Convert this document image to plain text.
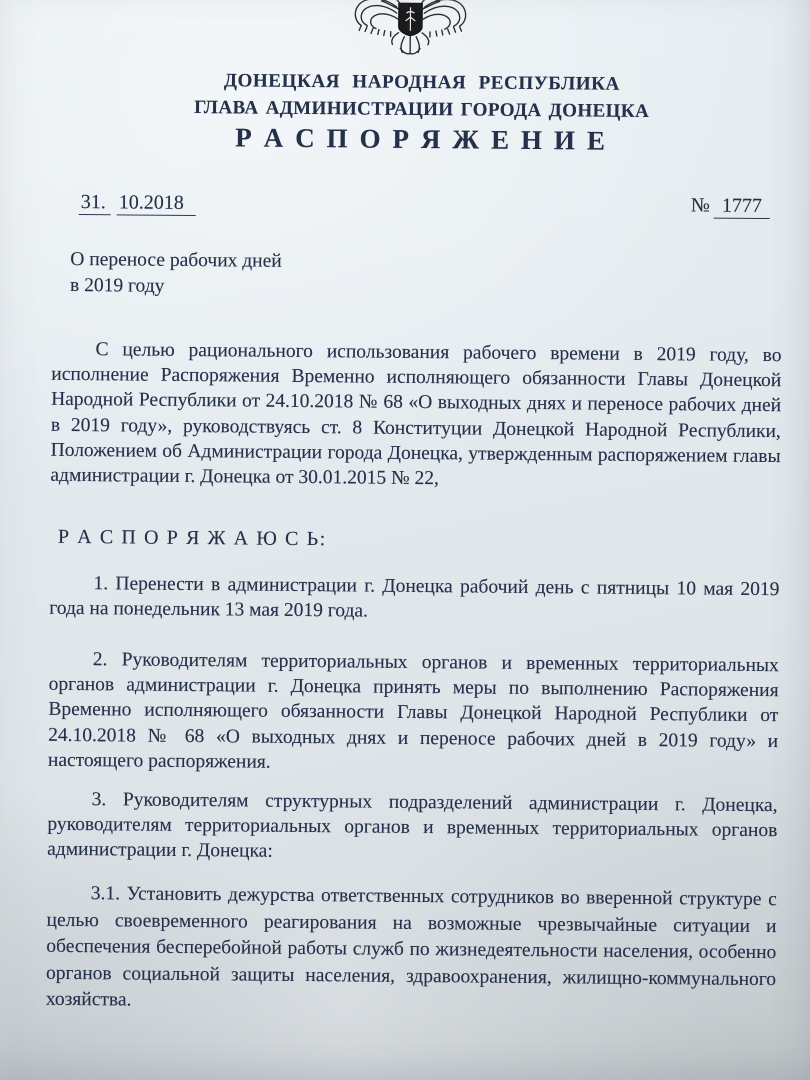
ДОНЕЦКАЯ НАРОДНАЯ РЕСПУБЛИКА
ГЛАВА АДМИНИСТРАЦИИ ГОРОДА ДОНЕЦКА
Р А С П О Р Я Ж Е Н И Е
31. 10.2018	№ 1777
О переносе рабочих дней
в 2019 году

С целью рационального использования рабочего времени в 2019 году, во исполнение Распоряжения Временно исполняющего обязанности Главы Донецкой Народной Республики от 24.10.2018 № 68 «О выходных днях и переносе рабочих дней в 2019 году», руководствуясь ст. 8 Конституции Донецкой Народной Республики, Положением об Администрации города Донецка, утвержденным распоряжением главы администрации г. Донецка от 30.01.2015 № 22,

Р А С П О Р Я Ж А Ю С Ь:

1. Перенести в администрации г. Донецка рабочий день с пятницы 10 мая 2019 года на понедельник 13 мая 2019 года.

2. Руководителям территориальных органов и временных территориальных органов администрации г. Донецка принять меры по выполнению Распоряжения Временно исполняющего обязанности Главы Донецкой Народной Республики от 24.10.2018 № 68 «О выходных днях и переносе рабочих дней в 2019 году» и настоящего распоряжения.

3. Руководителям структурных подразделений администрации г. Донецка, руководителям территориальных органов и временных территориальных органов администрации г. Донецка:

3.1. Установить дежурства ответственных сотрудников во вверенной структуре с целью своевременного реагирования на возможные чрезвычайные ситуации и обеспечения бесперебойной работы служб по жизнедеятельности населения, особенно органов социальной защиты населения, здравоохранения, жилищно-коммунального хозяйства.
